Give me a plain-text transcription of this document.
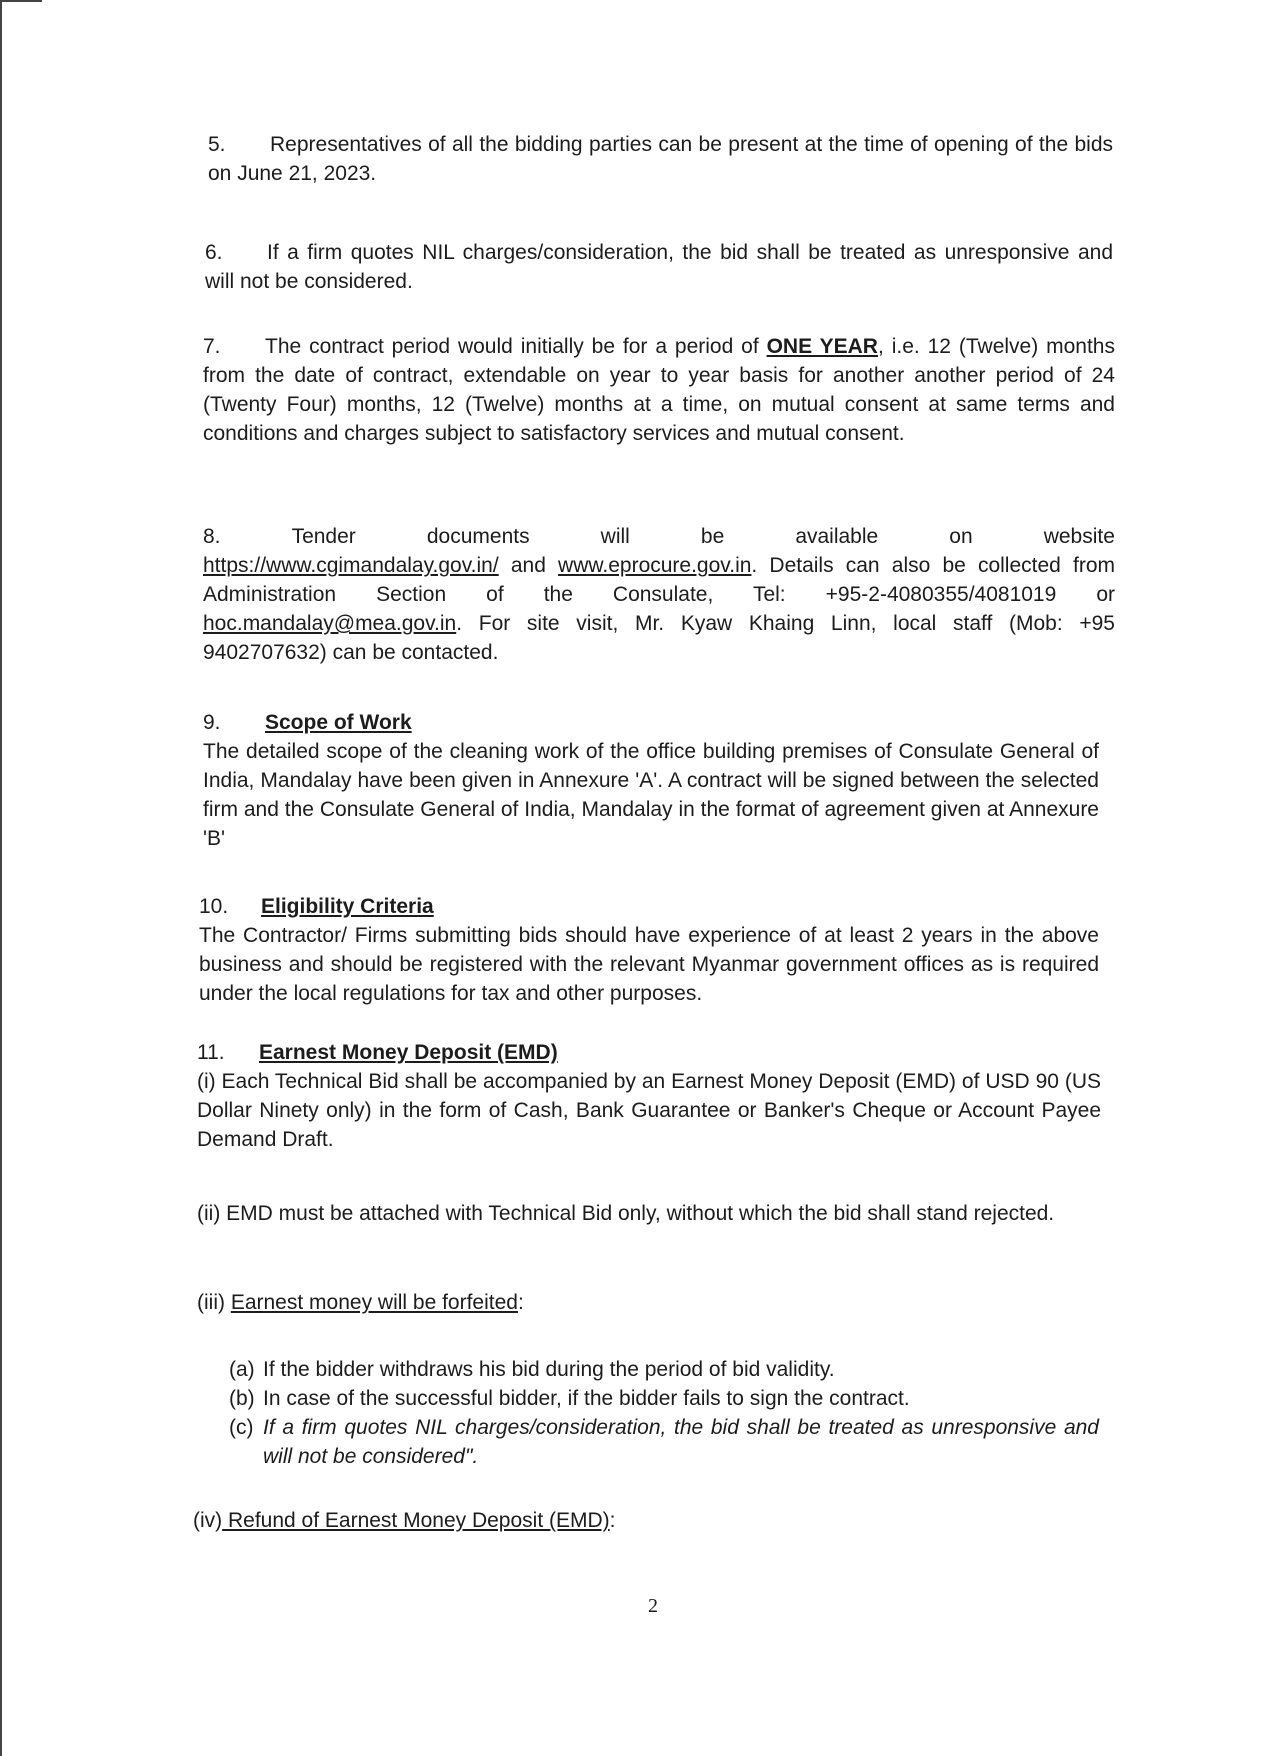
5. Representatives of all the bidding parties can be present at the time of opening of the bids on June 21, 2023.

6. If a firm quotes NIL charges/consideration, the bid shall be treated as unresponsive and will not be considered.

7. The contract period would initially be for a period of ONE YEAR, i.e. 12 (Twelve) months from the date of contract, extendable on year to year basis for another another period of 24 (Twenty Four) months, 12 (Twelve) months at a time, on mutual consent at same terms and conditions and charges subject to satisfactory services and mutual consent.

8.	Tender	documents	will	be	available	on	website

https://www.cgimandalay.gov.in/ and www.eprocure.gov.in. Details can also be collected from Administration Section of the Consulate, Tel: +95-2-4080355/4081019 or hoc.mandalay@mea.gov.in. For site visit, Mr. Kyaw Khaing Linn, local staff (Mob: +95 9402707632) can be contacted.

9. Scope of Work

The detailed scope of the cleaning work of the office building premises of Consulate General of India, Mandalay have been given in Annexure 'A'. A contract will be signed between the selected firm and the Consulate General of India, Mandalay in the format of agreement given at Annexure 'B'

10. Eligibility Criteria

The Contractor/ Firms submitting bids should have experience of at least 2 years in the above business and should be registered with the relevant Myanmar government offices as is required under the local regulations for tax and other purposes.

11. Earnest Money Deposit (EMD)

(i) Each Technical Bid shall be accompanied by an Earnest Money Deposit (EMD) of USD 90 (US Dollar Ninety only) in the form of Cash, Bank Guarantee or Banker's Cheque or Account Payee Demand Draft.

(ii) EMD must be attached with Technical Bid only, without which the bid shall stand rejected.

(iii) Earnest money will be forfeited:

(a) If the bidder withdraws his bid during the period of bid validity.
(b) In case of the successful bidder, if the bidder fails to sign the contract.
(c) If a firm quotes NIL charges/consideration, the bid shall be treated as unresponsive and will not be considered".

(iv) Refund of Earnest Money Deposit (EMD):

2
